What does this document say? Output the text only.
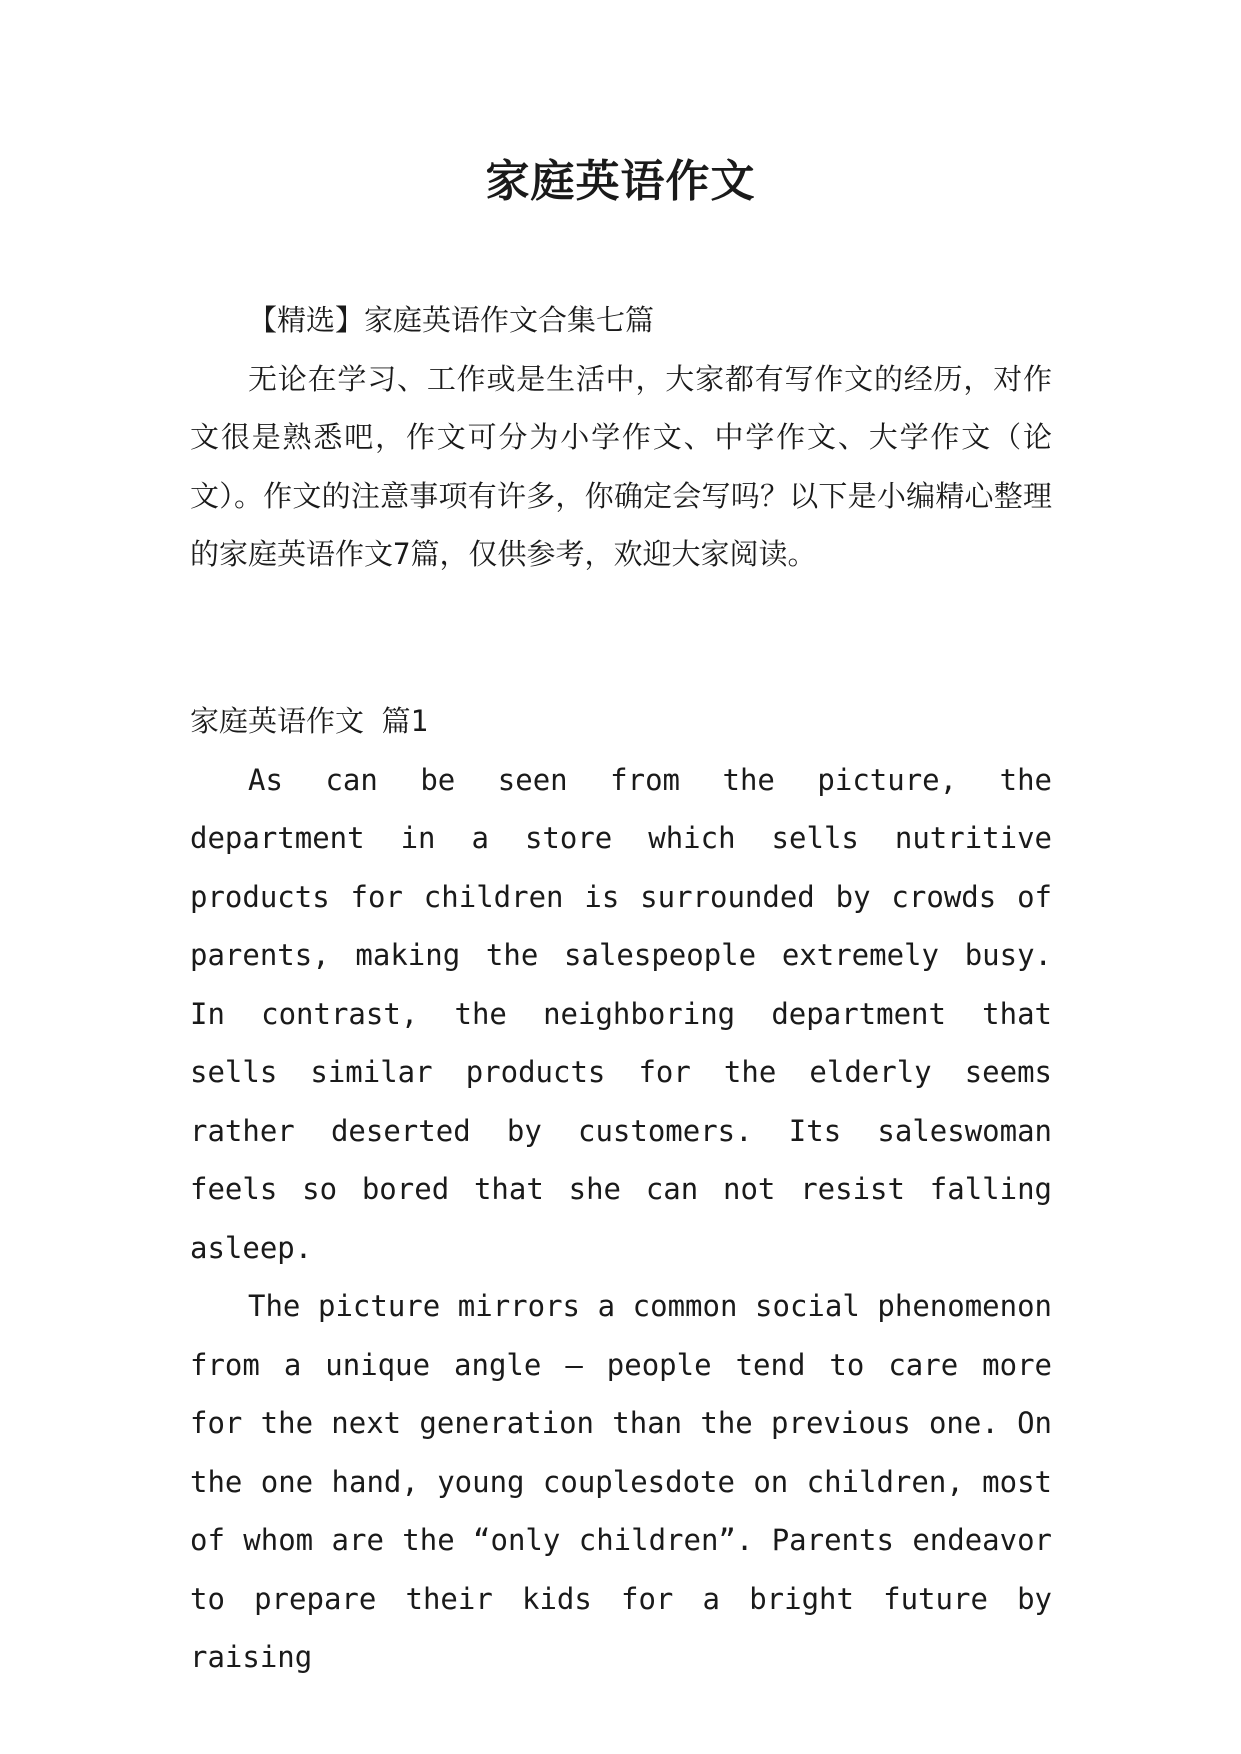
家庭英语作文

【精选】家庭英语作文合集七篇

无论在学习、工作或是生活中，大家都有写作文的经历，对作文很是熟悉吧，作文可分为小学作文、中学作文、大学作文（论文）。作文的注意事项有许多，你确定会写吗？以下是小编精心整理的家庭英语作文7篇，仅供参考，欢迎大家阅读。

家庭英语作文 篇1

As can be seen from the picture, the department in a store which sells nutritive products for children is surrounded by crowds of parents, making the salespeople extremely busy. In contrast, the neighboring department that sells similar products for the elderly seems rather deserted by customers. Its saleswoman feels so bored that she can not resist falling asleep.

The picture mirrors a common social phenomenon from a unique angle — people tend to care more for the next generation than the previous one. On the one hand, young couplesdote on children, most of whom are the “only children”. Parents endeavor to prepare their kids for a bright future by raising
